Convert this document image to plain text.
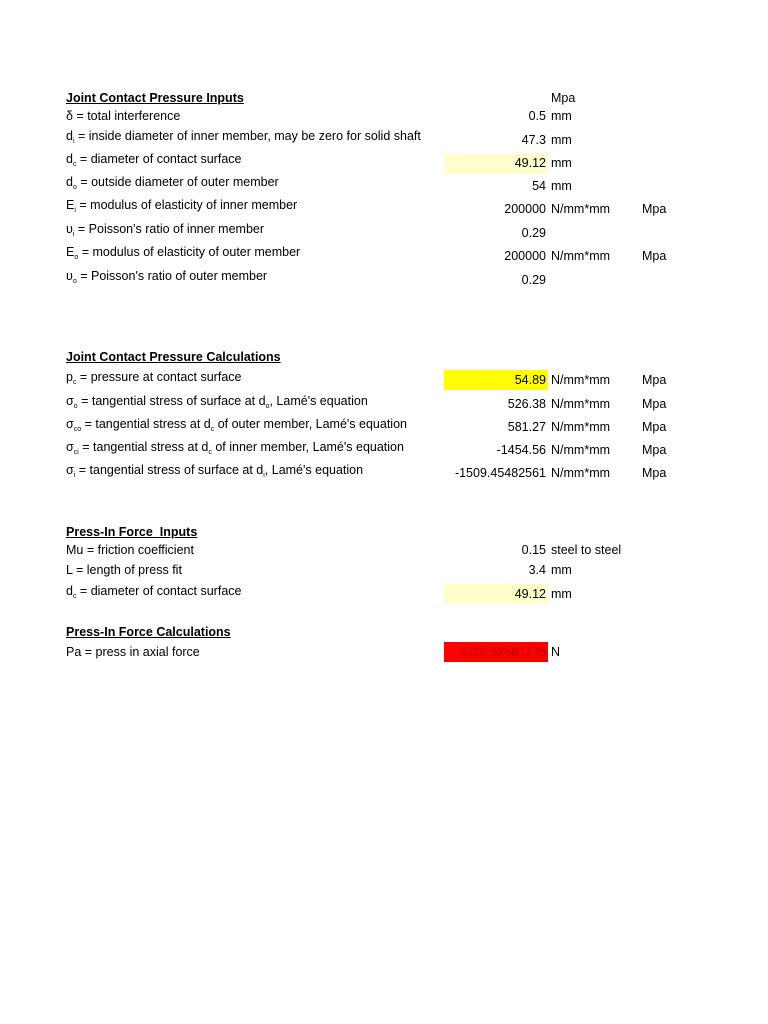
Joint Contact Pressure Inputs	Mpa
δ = total interference	0.5 mm
$d_i$ = inside diameter of inner member, may be zero for solid shaft	47.3 mm
$d_c$ = diameter of contact surface	49.12 mm
$d_o$ = outside diameter of outer member	54 mm
$E_i$ = modulus of elasticity of inner member	200000 N/mm*mm	Mpa
$\upsilon_i$ = Poisson's ratio of inner member	0.29
$E_o$ = modulus of elasticity of outer member	200000 N/mm*mm	Mpa
$\upsilon_o$ = Poisson's ratio of outer member	0.29
Joint Contact Pressure Calculations
$p_c$ = pressure at contact surface	54.89 N/mm*mm	Mpa
$\sigma_o$ = tangential stress of surface at $d_o$, Lamé's equation	526.38 N/mm*mm	Mpa
$\sigma_{co}$ = tangential stress at $d_c$ of outer member, Lamé's equation	581.27 N/mm*mm	Mpa
$\sigma_{ci}$ = tangential stress at $d_c$ of inner member, Lamé's equation	-1454.56 N/mm*mm	Mpa
$\sigma_i$ = tangential stress of surface at $d_i$, Lamé's equation	-1509.45482561 N/mm*mm	Mpa
Press-In Force  Inputs
Mu = friction coefficient	0.15 steel to steel
L = length of press fit	3.4 mm
$d_c$ = diameter of contact surface	49.12 mm
Press-In Force Calculations
Pa = press in axial force	4320.62563735 N
